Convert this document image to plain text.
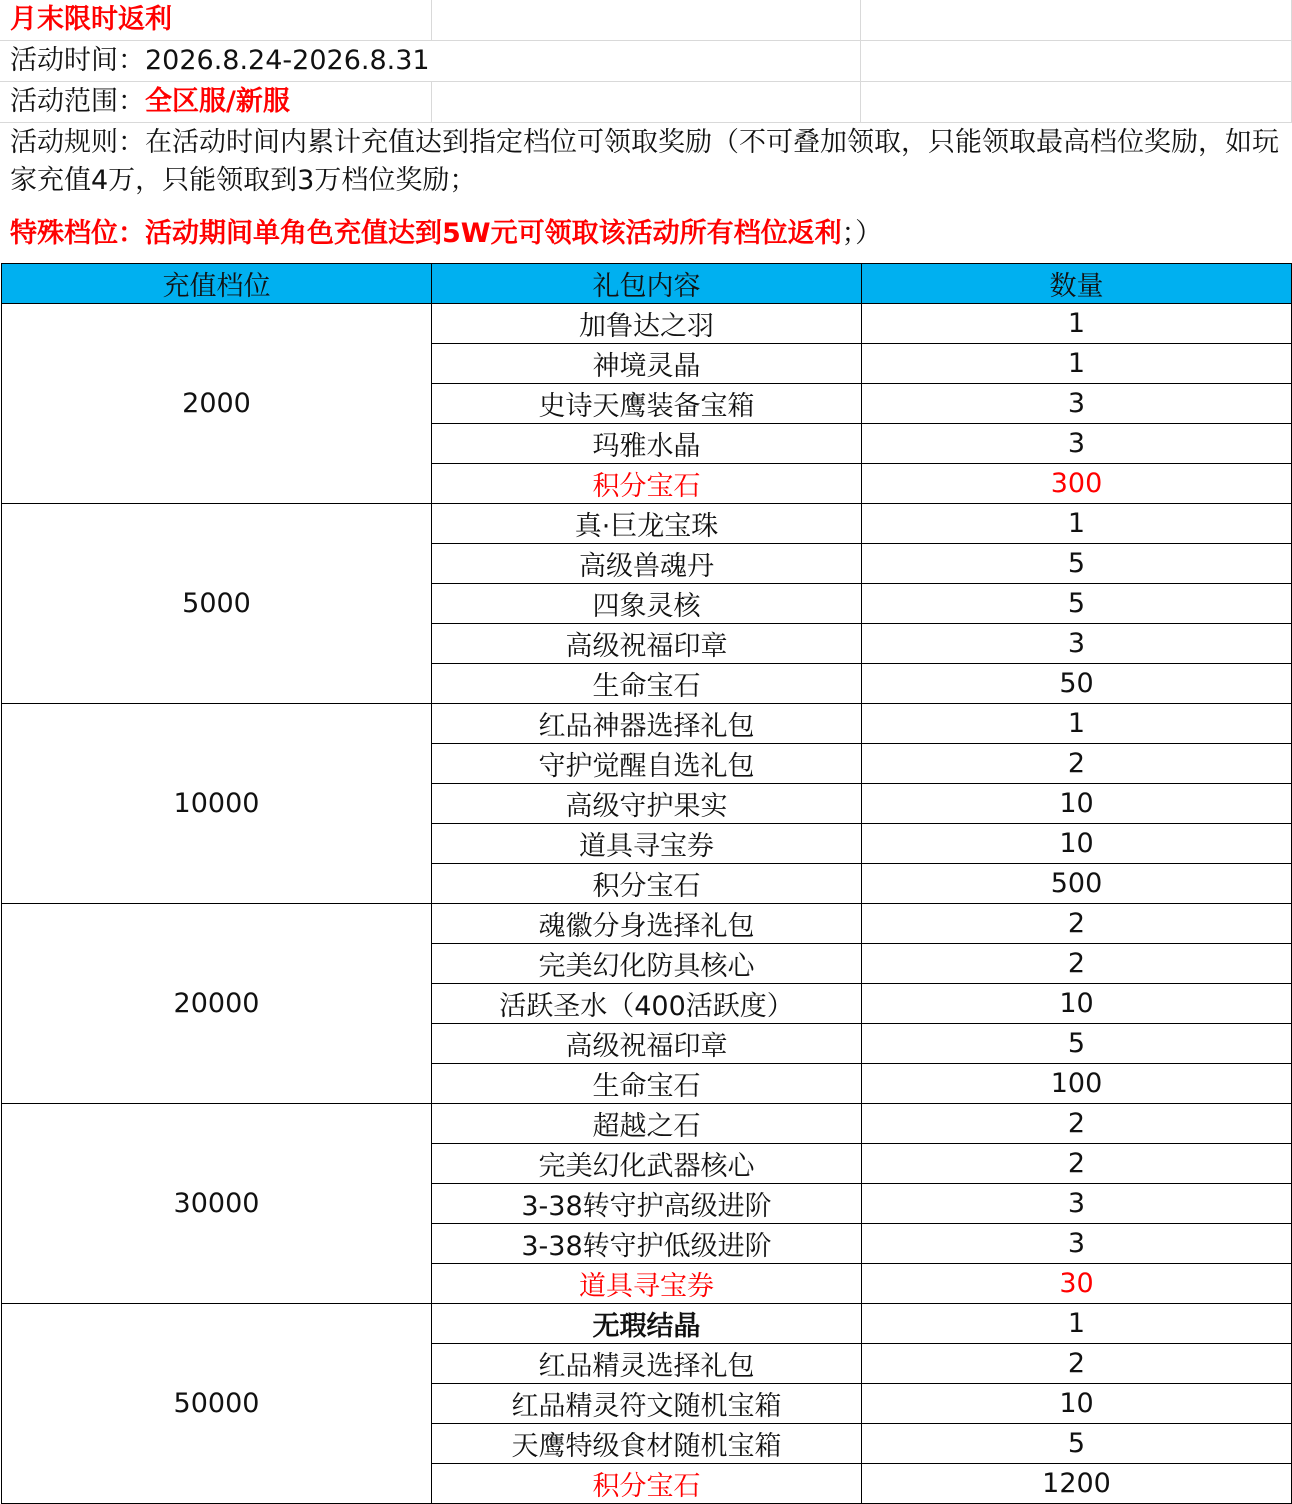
月末限时返利
活动时间：2026.8.24-2026.8.31
活动范围：全区服/新服
活动规则：在活动时间内累计充值达到指定档位可领取奖励（不可叠加领取，只能领取最高档位奖励，如玩家充值4万，只能领取到3万档位奖励；
特殊档位：活动期间单角色充值达到5W元可领取该活动所有档位返利；）
充值档位	礼包内容	数量
2000	加鲁达之羽	1
	神境灵晶	1
	史诗天鹰装备宝箱	3
	玛雅水晶	3
	积分宝石	300
5000	真·巨龙宝珠	1
	高级兽魂丹	5
	四象灵核	5
	高级祝福印章	3
	生命宝石	50
10000	红品神器选择礼包	1
	守护觉醒自选礼包	2
	高级守护果实	10
	道具寻宝券	10
	积分宝石	500
20000	魂徽分身选择礼包	2
	完美幻化防具核心	2
	活跃圣水（400活跃度）	10
	高级祝福印章	5
	生命宝石	100
30000	超越之石	2
	完美幻化武器核心	2
	3-38转守护高级进阶	3
	3-38转守护低级进阶	3
	道具寻宝券	30
50000	无瑕结晶	1
	红品精灵选择礼包	2
	红品精灵符文随机宝箱	10
	天鹰特级食材随机宝箱	5
	积分宝石	1200
